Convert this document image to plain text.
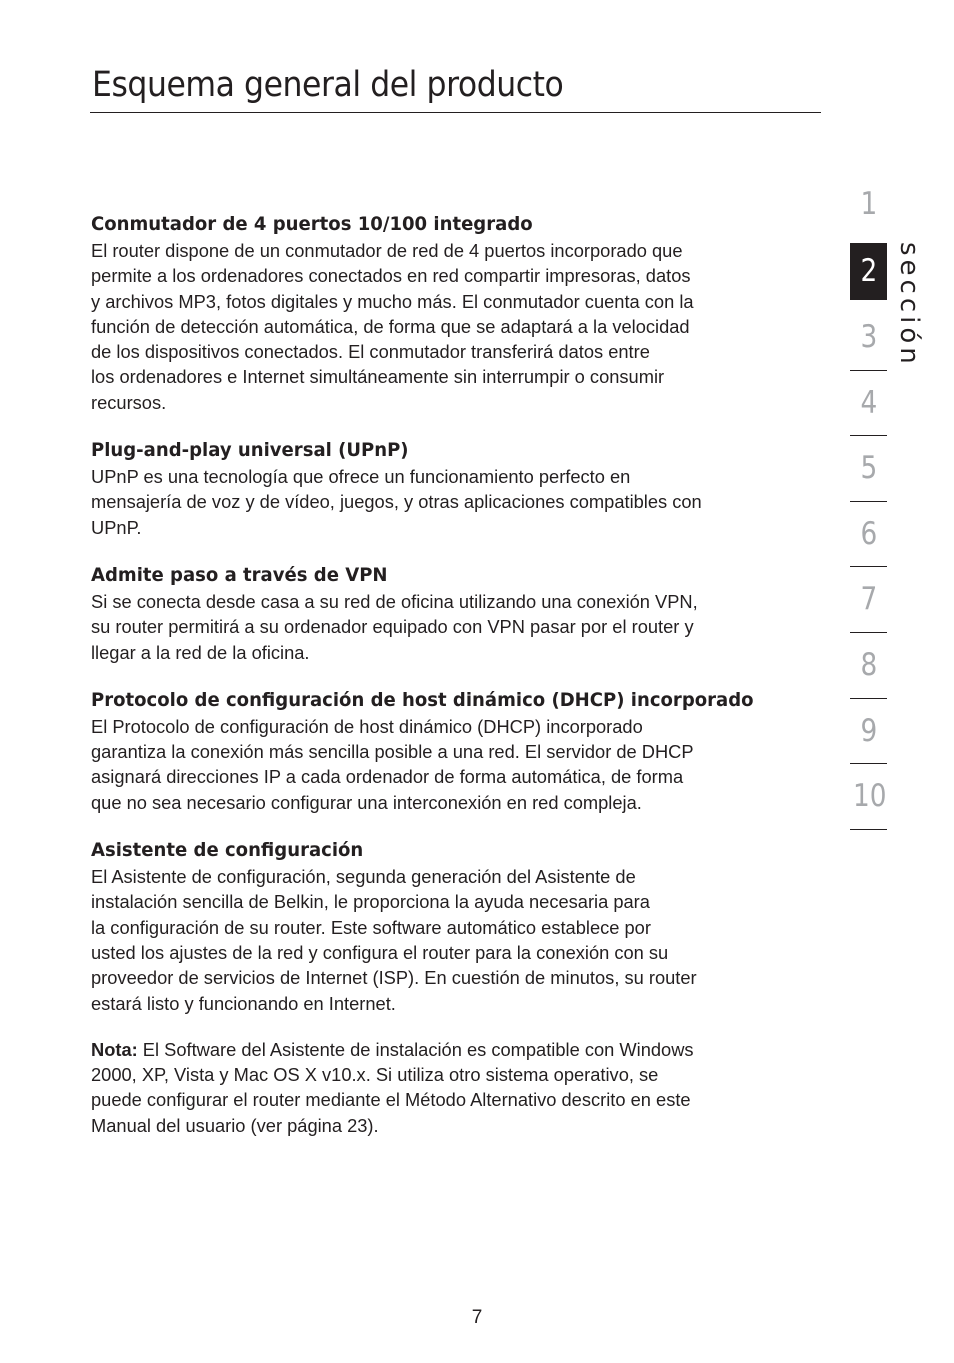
Esquema general del producto
Conmutador de 4 puertos 10/100 integrado

El router dispone de un conmutador de red de 4 puertos incorporado que
permite a los ordenadores conectados en red compartir impresoras, datos
y archivos MP3, fotos digitales y mucho más. El conmutador cuenta con la
función de detección automática, de forma que se adaptará a la velocidad
de los dispositivos conectados. El conmutador transferirá datos entre
los ordenadores e Internet simultáneamente sin interrumpir o consumir
recursos.

Plug-and-play universal (UPnP)

UPnP es una tecnología que ofrece un funcionamiento perfecto en
mensajería de voz y de vídeo, juegos, y otras aplicaciones compatibles con
UPnP.

Admite paso a través de VPN

Si se conecta desde casa a su red de oficina utilizando una conexión VPN,
su router permitirá a su ordenador equipado con VPN pasar por el router y
llegar a la red de la oficina.

Protocolo de configuración de host dinámico (DHCP) incorporado

El Protocolo de configuración de host dinámico (DHCP) incorporado
garantiza la conexión más sencilla posible a una red. El servidor de DHCP
asignará direcciones IP a cada ordenador de forma automática, de forma
que no sea necesario configurar una interconexión en red compleja.

Asistente de configuración

El Asistente de configuración, segunda generación del Asistente de
instalación sencilla de Belkin, le proporciona la ayuda necesaria para
la configuración de su router. Este software automático establece por
usted los ajustes de la red y configura el router para la conexión con su
proveedor de servicios de Internet (ISP). En cuestión de minutos, su router
estará listo y funcionando en Internet.

Nota: El Software del Asistente de instalación es compatible con Windows
2000, XP, Vista y Mac OS X v10.x. Si utiliza otro sistema operativo, se
puede configurar el router mediante el Método Alternativo descrito en este
Manual del usuario (ver página 23).

1
2
3
4
5
6
7
8
9
10
sección
7
